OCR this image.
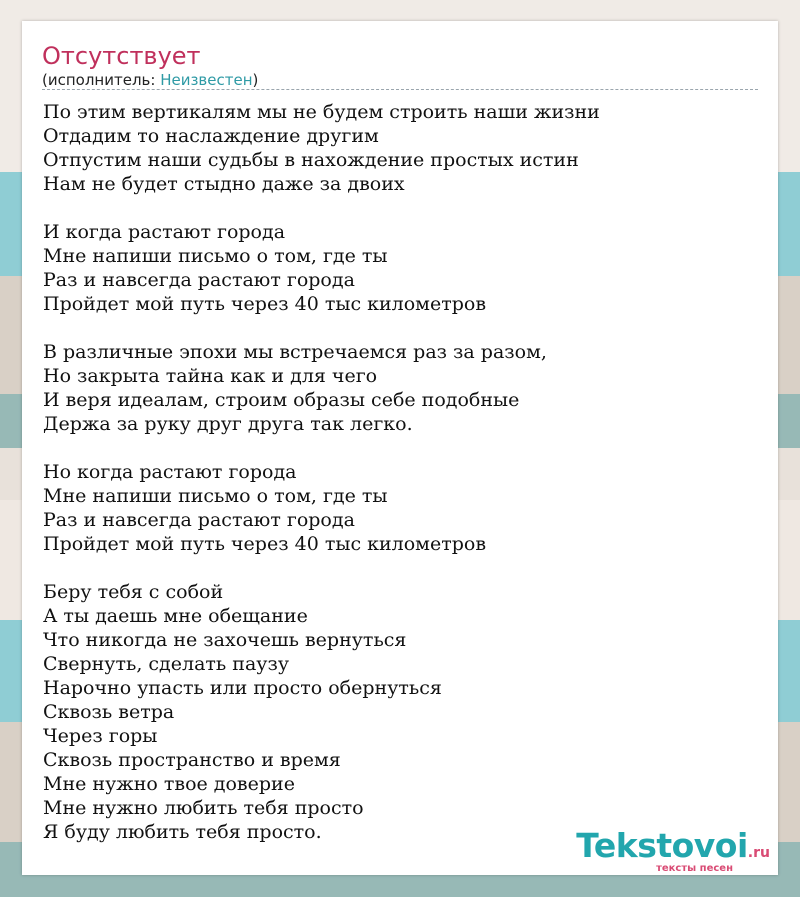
Отсутствует
(исполнитель: Неизвестен)
По этим вертикалям мы не будем строить наши жизни
Отдадим то наслаждение другим
Отпустим наши судьбы в нахождение простых истин
Нам не будет стыдно даже за двоих
И когда растают города
Мне напиши письмо о том, где ты
Раз и навсегда растают города
Пройдет мой путь через 40 тыс километров
В различные эпохи мы встречаемся раз за разом,
Но закрыта тайна как и для чего
И веря идеалам, строим образы себе подобные
Держа за руку друг друга так легко.
Но когда растают города
Мне напиши письмо о том, где ты
Раз и навсегда растают города
Пройдет мой путь через 40 тыс километров
Беру тебя с собой
А ты даешь мне обещание
Что никогда не захочешь вернуться
Свернуть, сделать паузу
Нарочно упасть или просто обернуться
Сквозь ветра
Через горы
Сквозь пространство и время
Мне нужно твое доверие
Мне нужно любить тебя просто
Я буду любить тебя просто.	Tekstovoi.ru
тексты песен
